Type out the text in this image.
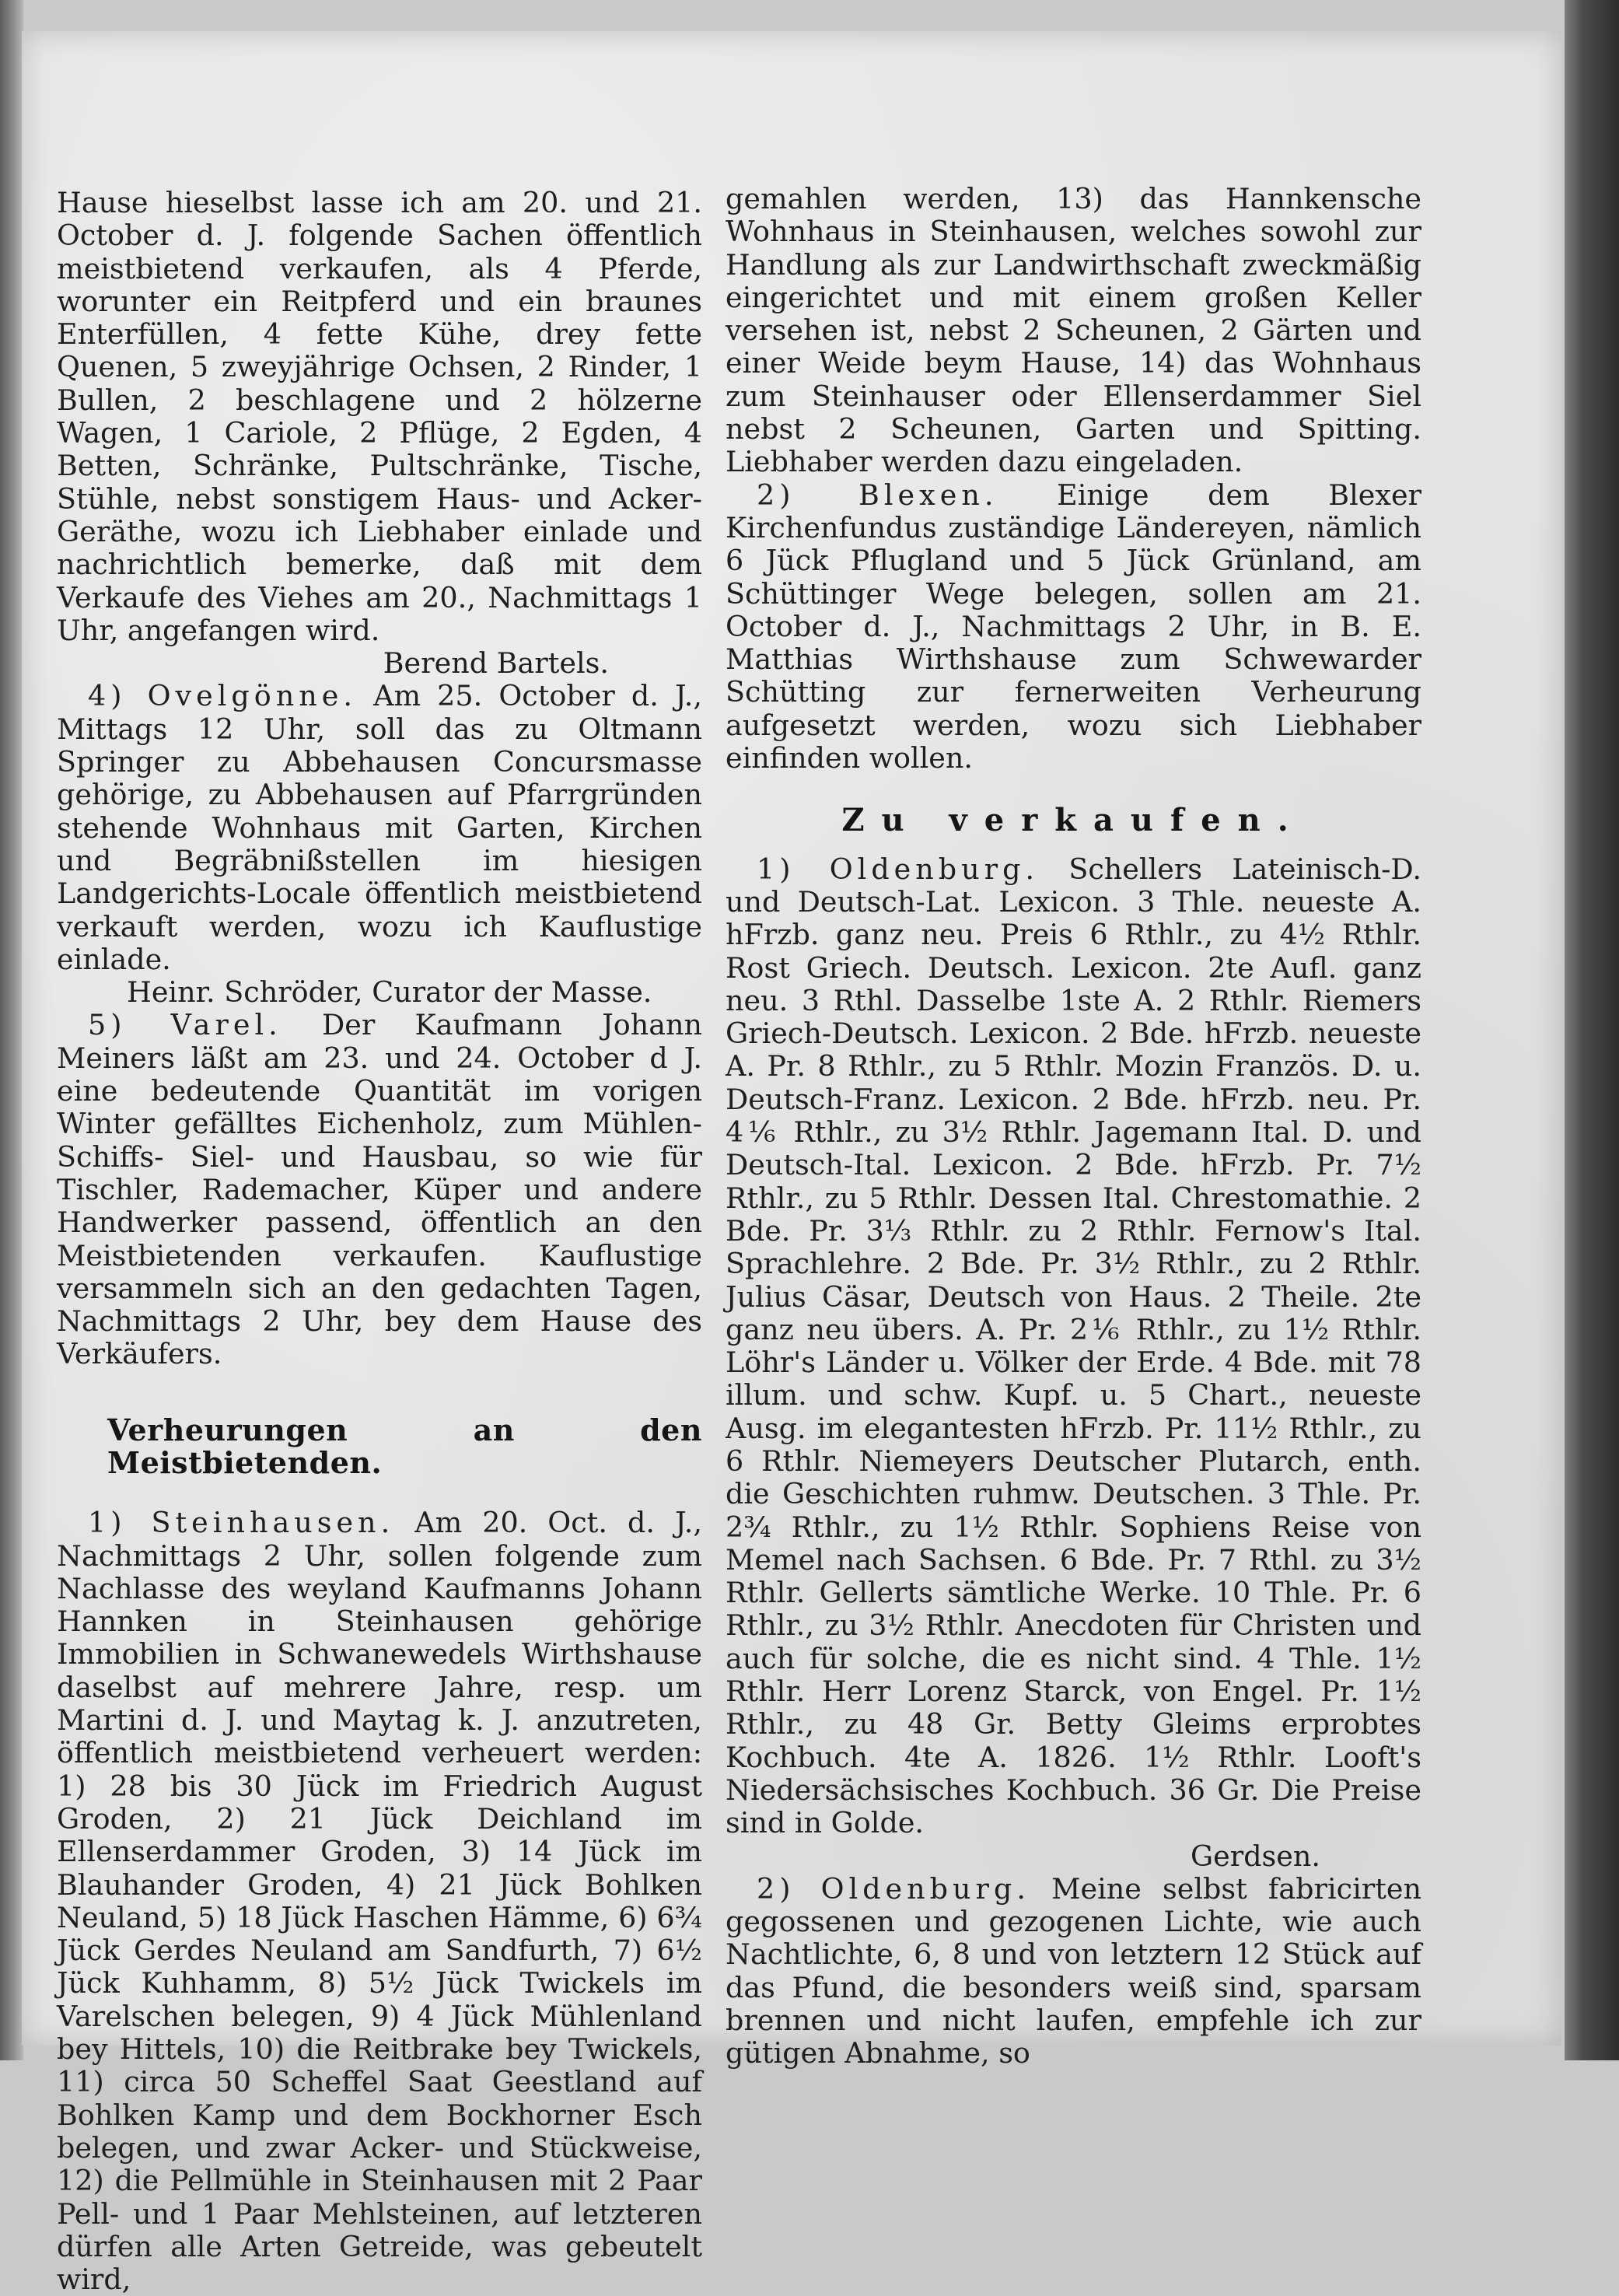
Hause hieselbst lasse ich am 20. und 21. October d. J. folgende Sachen öffentlich meistbietend verkaufen, als 4 Pferde, worunter ein Reitpferd und ein braunes Enterfüllen, 4 fette Kühe, drey fette Quenen, 5 zweyjährige Ochsen, 2 Rinder, 1 Bullen, 2 beschlagene und 2 hölzerne Wagen, 1 Cariole, 2 Pflüge, 2 Egden, 4 Betten, Schränke, Pultschränke, Tische, Stühle, nebst sonstigem Haus- und Acker-Geräthe, wozu ich Liebhaber einlade und nachrichtlich bemerke, daß mit dem Verkaufe des Viehes am 20., Nachmittags 1 Uhr, angefangen wird.

Berend Bartels.

4) Ovelgönne. Am 25. October d. J., Mittags 12 Uhr, soll das zu Oltmann Springer zu Abbehausen Concursmasse gehörige, zu Abbehausen auf Pfarrgründen stehende Wohnhaus mit Garten, Kirchen und Begräbnißstellen im hiesigen Landgerichts-Locale öffentlich meistbietend verkauft werden, wozu ich Kauflustige einlade.

Heinr. Schröder, Curator der Masse.

5) Varel. Der Kaufmann Johann Meiners läßt am 23. und 24. October d J. eine bedeutende Quantität im vorigen Winter gefälltes Eichenholz, zum Mühlen-Schiffs- Siel- und Hausbau, so wie für Tischler, Rademacher, Küper und andere Handwerker passend, öffentlich an den Meistbietenden verkaufen. Kauflustige versammeln sich an den gedachten Tagen, Nachmittags 2 Uhr, bey dem Hause des Verkäufers.

Verheurungen an den Meistbietenden.

1) Steinhausen. Am 20. Oct. d. J., Nachmittags 2 Uhr, sollen folgende zum Nachlasse des weyland Kaufmanns Johann Hannken in Steinhausen gehörige Immobilien in Schwanewedels Wirthshause daselbst auf mehrere Jahre, resp. um Martini d. J. und Maytag k. J. anzutreten, öffentlich meistbietend verheuert werden: 1) 28 bis 30 Jück im Friedrich August Groden, 2) 21 Jück Deichland im Ellenserdammer Groden, 3) 14 Jück im Blauhander Groden, 4) 21 Jück Bohlken Neuland, 5) 18 Jück Haschen Hämme, 6) 6¾ Jück Gerdes Neuland am Sandfurth, 7) 6½ Jück Kuhhamm, 8) 5½ Jück Twickels im Varelschen belegen, 9) 4 Jück Mühlenland bey Hittels, 10) die Reitbrake bey Twickels, 11) circa 50 Scheffel Saat Geestland auf Bohlken Kamp und dem Bockhorner Esch belegen, und zwar Acker- und Stückweise, 12) die Pellmühle in Steinhausen mit 2 Paar Pell- und 1 Paar Mehlsteinen, auf letzteren dürfen alle Arten Getreide, was gebeutelt wird,

gemahlen werden, 13) das Hannkensche Wohnhaus in Steinhausen, welches sowohl zur Handlung als zur Landwirthschaft zweckmäßig eingerichtet und mit einem großen Keller versehen ist, nebst 2 Scheunen, 2 Gärten und einer Weide beym Hause, 14) das Wohnhaus zum Steinhauser oder Ellenserdammer Siel nebst 2 Scheunen, Garten und Spitting. Liebhaber werden dazu eingeladen.

2) Blexen. Einige dem Blexer Kirchenfundus zuständige Ländereyen, nämlich 6 Jück Pflugland und 5 Jück Grünland, am Schüttinger Wege belegen, sollen am 21. October d. J., Nachmittags 2 Uhr, in B. E. Matthias Wirthshause zum Schwewarder Schütting zur fernerweiten Verheurung aufgesetzt werden, wozu sich Liebhaber einfinden wollen.

Zu verkaufen.

1) Oldenburg. Schellers Lateinisch-D. und Deutsch-Lat. Lexicon. 3 Thle. neueste A. hFrzb. ganz neu. Preis 6 Rthlr., zu 4½ Rthlr. Rost Griech. Deutsch. Lexicon. 2te Aufl. ganz neu. 3 Rthl. Dasselbe 1ste A. 2 Rthlr. Riemers Griech-Deutsch. Lexicon. 2 Bde. hFrzb. neueste A. Pr. 8 Rthlr., zu 5 Rthlr. Mozin Französ. D. u. Deutsch-Franz. Lexicon. 2 Bde. hFrzb. neu. Pr. 4⅙ Rthlr., zu 3½ Rthlr. Jagemann Ital. D. und Deutsch-Ital. Lexicon. 2 Bde. hFrzb. Pr. 7½ Rthlr., zu 5 Rthlr. Dessen Ital. Chrestomathie. 2 Bde. Pr. 3⅓ Rthlr. zu 2 Rthlr. Fernow's Ital. Sprachlehre. 2 Bde. Pr. 3½ Rthlr., zu 2 Rthlr. Julius Cäsar, Deutsch von Haus. 2 Theile. 2te ganz neu übers. A. Pr. 2⅙ Rthlr., zu 1½ Rthlr. Löhr's Länder u. Völker der Erde. 4 Bde. mit 78 illum. und schw. Kupf. u. 5 Chart., neueste Ausg. im elegantesten hFrzb. Pr. 11½ Rthlr., zu 6 Rthlr. Niemeyers Deutscher Plutarch, enth. die Geschichten ruhmw. Deutschen. 3 Thle. Pr. 2¾ Rthlr., zu 1½ Rthlr. Sophiens Reise von Memel nach Sachsen. 6 Bde. Pr. 7 Rthl. zu 3½ Rthlr. Gellerts sämtliche Werke. 10 Thle. Pr. 6 Rthlr., zu 3½ Rthlr. Anecdoten für Christen und auch für solche, die es nicht sind. 4 Thle. 1½ Rthlr. Herr Lorenz Starck, von Engel. Pr. 1½ Rthlr., zu 48 Gr. Betty Gleims erprobtes Kochbuch. 4te A. 1826. 1½ Rthlr. Looft's Niedersächsisches Kochbuch. 36 Gr. Die Preise sind in Golde.

Gerdsen.

2) Oldenburg. Meine selbst fabricirten gegossenen und gezogenen Lichte, wie auch Nachtlichte, 6, 8 und von letztern 12 Stück auf das Pfund, die besonders weiß sind, sparsam brennen und nicht laufen, empfehle ich zur gütigen Abnahme, so
